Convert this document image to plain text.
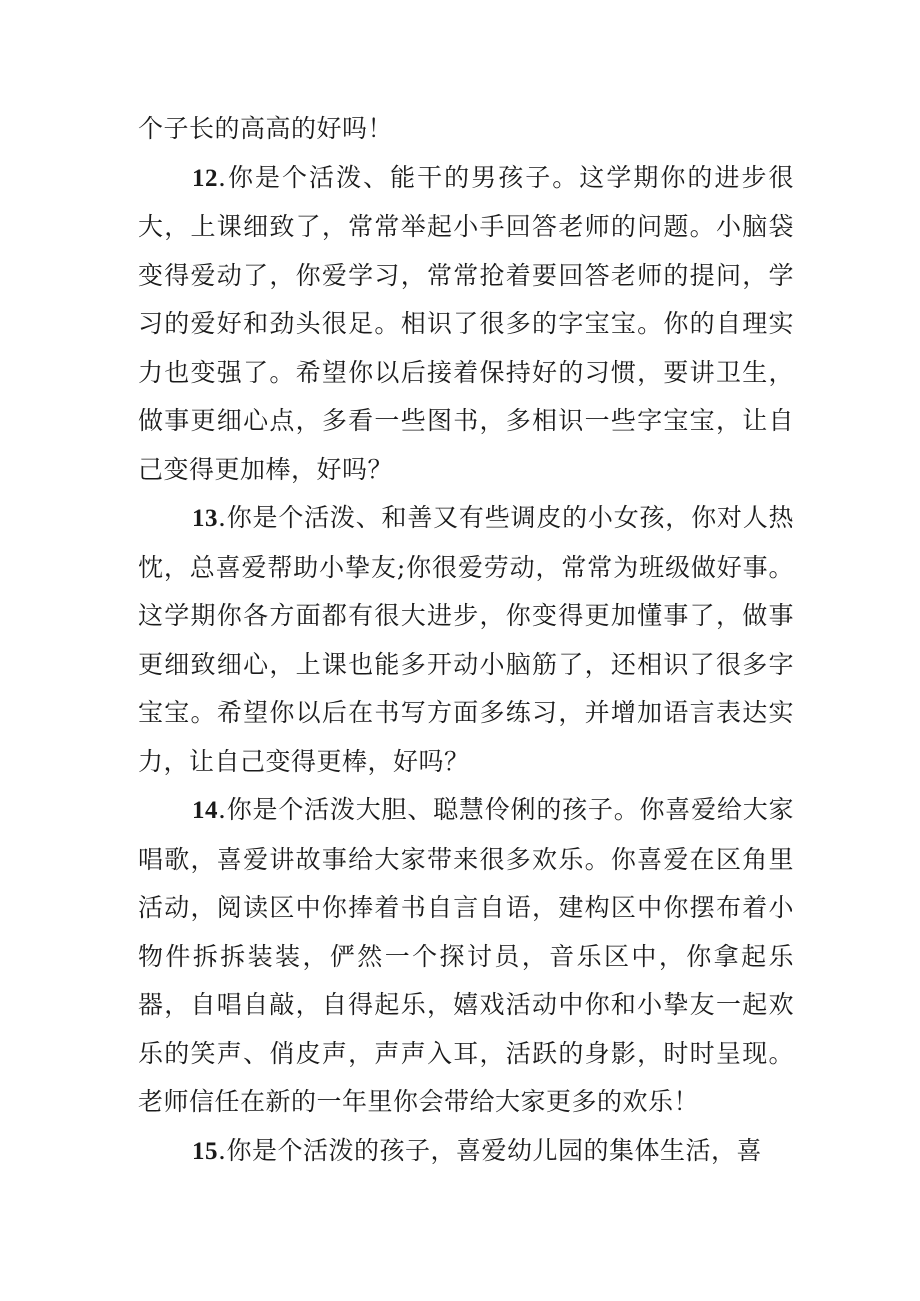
个子长的高高的好吗！

12.你是个活泼、能干的男孩子。这学期你的进步很大，上课细致了，常常举起小手回答老师的问题。小脑袋变得爱动了，你爱学习，常常抢着要回答老师的提问，学习的爱好和劲头很足。相识了很多的字宝宝。你的自理实力也变强了。希望你以后接着保持好的习惯，要讲卫生，做事更细心点，多看一些图书，多相识一些字宝宝，让自己变得更加棒，好吗？

13.你是个活泼、和善又有些调皮的小女孩，你对人热忱，总喜爱帮助小挚友;你很爱劳动，常常为班级做好事。这学期你各方面都有很大进步，你变得更加懂事了，做事更细致细心，上课也能多开动小脑筋了，还相识了很多字宝宝。希望你以后在书写方面多练习，并增加语言表达实力，让自己变得更棒，好吗？

14.你是个活泼大胆、聪慧伶俐的孩子。你喜爱给大家唱歌，喜爱讲故事给大家带来很多欢乐。你喜爱在区角里活动，阅读区中你捧着书自言自语，建构区中你摆布着小物件拆拆装装，俨然一个探讨员，音乐区中，你拿起乐器，自唱自敲，自得起乐，嬉戏活动中你和小挚友一起欢乐的笑声、俏皮声，声声入耳，活跃的身影，时时呈现。老师信任在新的一年里你会带给大家更多的欢乐！

15.你是个活泼的孩子，喜爱幼儿园的集体生活，喜
